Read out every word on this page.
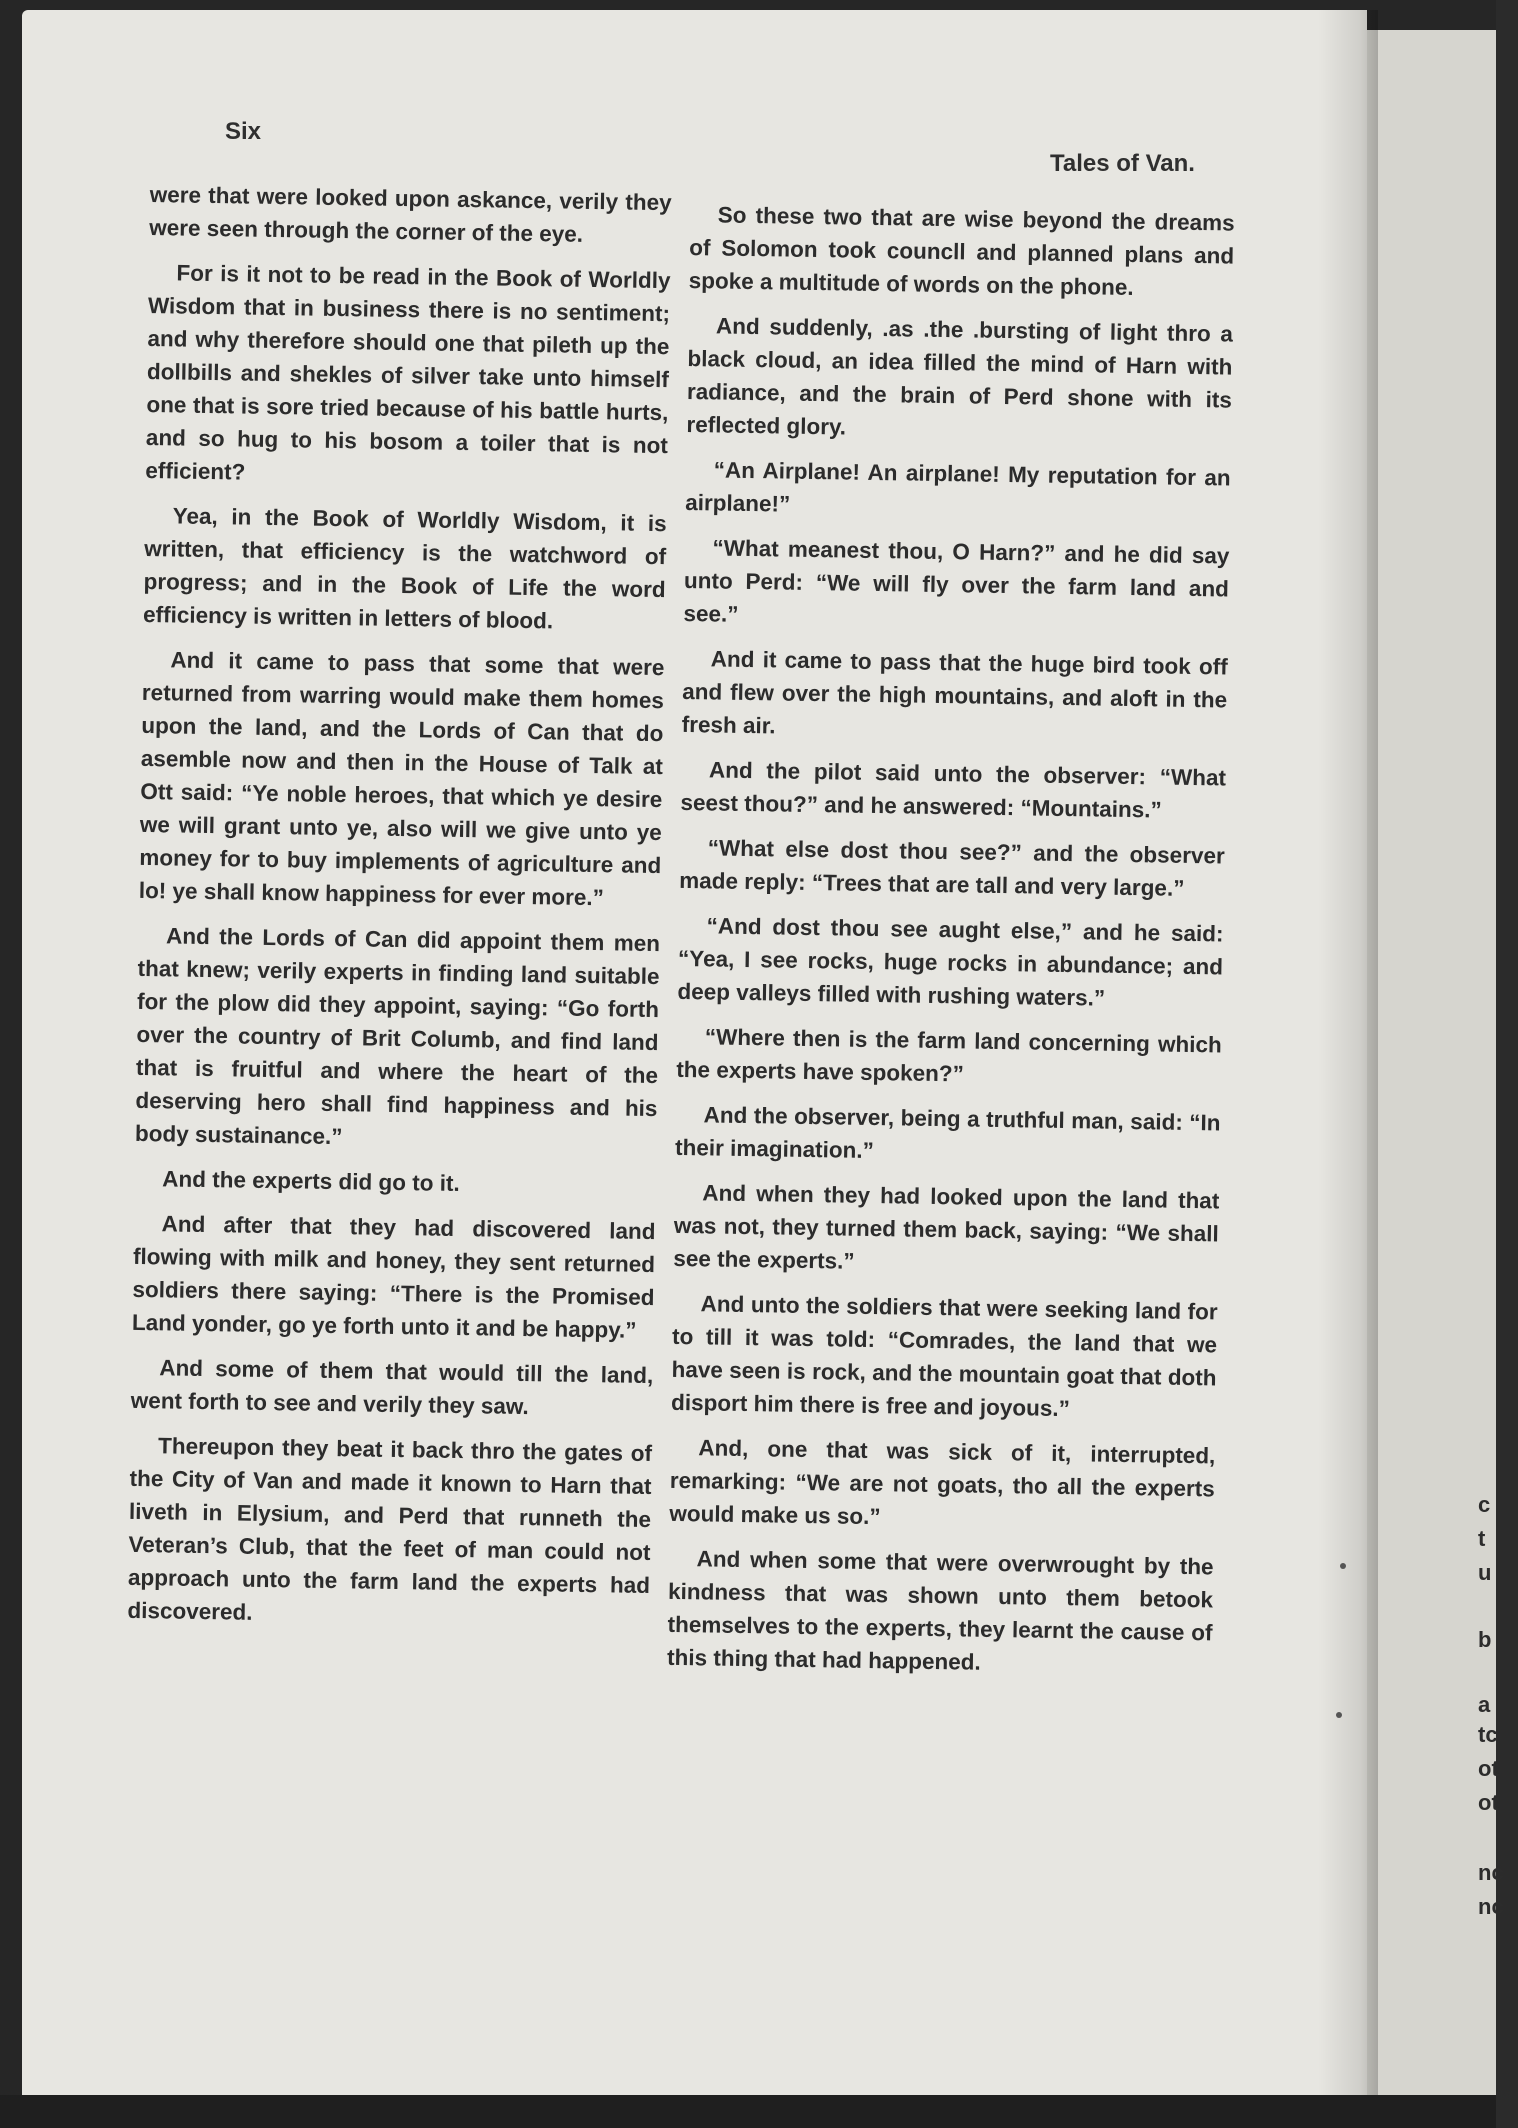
Six
Tales of Van.

were that were looked upon askance, verily they were seen through the corner of the eye.

For is it not to be read in the Book of Worldly Wisdom that in business there is no sentiment; and why therefore should one that pileth up the dollbills and shekles of silver take unto himself one that is sore tried because of his battle hurts, and so hug to his bosom a toiler that is not efficient?

Yea, in the Book of Worldly Wisdom, it is written, that efficiency is the watchword of progress; and in the Book of Life the word efficiency is written in letters of blood.

And it came to pass that some that were returned from warring would make them homes upon the land, and the Lords of Can that do asemble now and then in the House of Talk at Ott said: “Ye noble heroes, that which ye desire we will grant unto ye, also will we give unto ye money for to buy implements of agriculture and lo! ye shall know happiness for ever more.”

And the Lords of Can did appoint them men that knew; verily experts in finding land suitable for the plow did they appoint, saying: “Go forth over the country of Brit Columb, and find land that is fruitful and where the heart of the deserving hero shall find happiness and his body sustainance.”

And the experts did go to it.

And after that they had discovered land flowing with milk and honey, they sent returned soldiers there saying: “There is the Promised Land yonder, go ye forth unto it and be happy.”

And some of them that would till the land, went forth to see and verily they saw.

Thereupon they beat it back thro the gates of the City of Van and made it known to Harn that liveth in Elysium, and Perd that runneth the Veteran’s Club, that the feet of man could not approach unto the farm land the experts had discovered.

So these two that are wise beyond the dreams of Solomon took councll and planned plans and spoke a multitude of words on the phone.

And suddenly, .as .the .bursting of light thro a black cloud, an idea filled the mind of Harn with radiance, and the brain of Perd shone with its reflected glory.

“An Airplane! An airplane! My reputation for an airplane!”

“What meanest thou, O Harn?” and he did say unto Perd: “We will fly over the farm land and see.”

And it came to pass that the huge bird took off and flew over the high mountains, and aloft in the fresh air.

And the pilot said unto the observer: “What seest thou?” and he answered: “Mountains.”

“What else dost thou see?” and the observer made reply: “Trees that are tall and very large.”

“And dost thou see aught else,” and he said: “Yea, I see rocks, huge rocks in abundance; and deep valleys filled with rushing waters.”

“Where then is the farm land concerning which the experts have spoken?”

And the observer, being a truthful man, said: “In their imagination.”

And when they had looked upon the land that was not, they turned them back, saying: “We shall see the experts.”

And unto the soldiers that were seeking land for to till it was told: “Comrades, the land that we have seen is rock, and the mountain goat that doth disport him there is free and joyous.”

And, one that was sick of it, interrupted, remarking: “We are not goats, tho all the experts would make us so.”

And when some that were overwrought by the kindness that was shown unto them betook themselves to the experts, they learnt the cause of this thing that had happened.

c
t
u
b
a
tc
ot
ot
nc
nc
